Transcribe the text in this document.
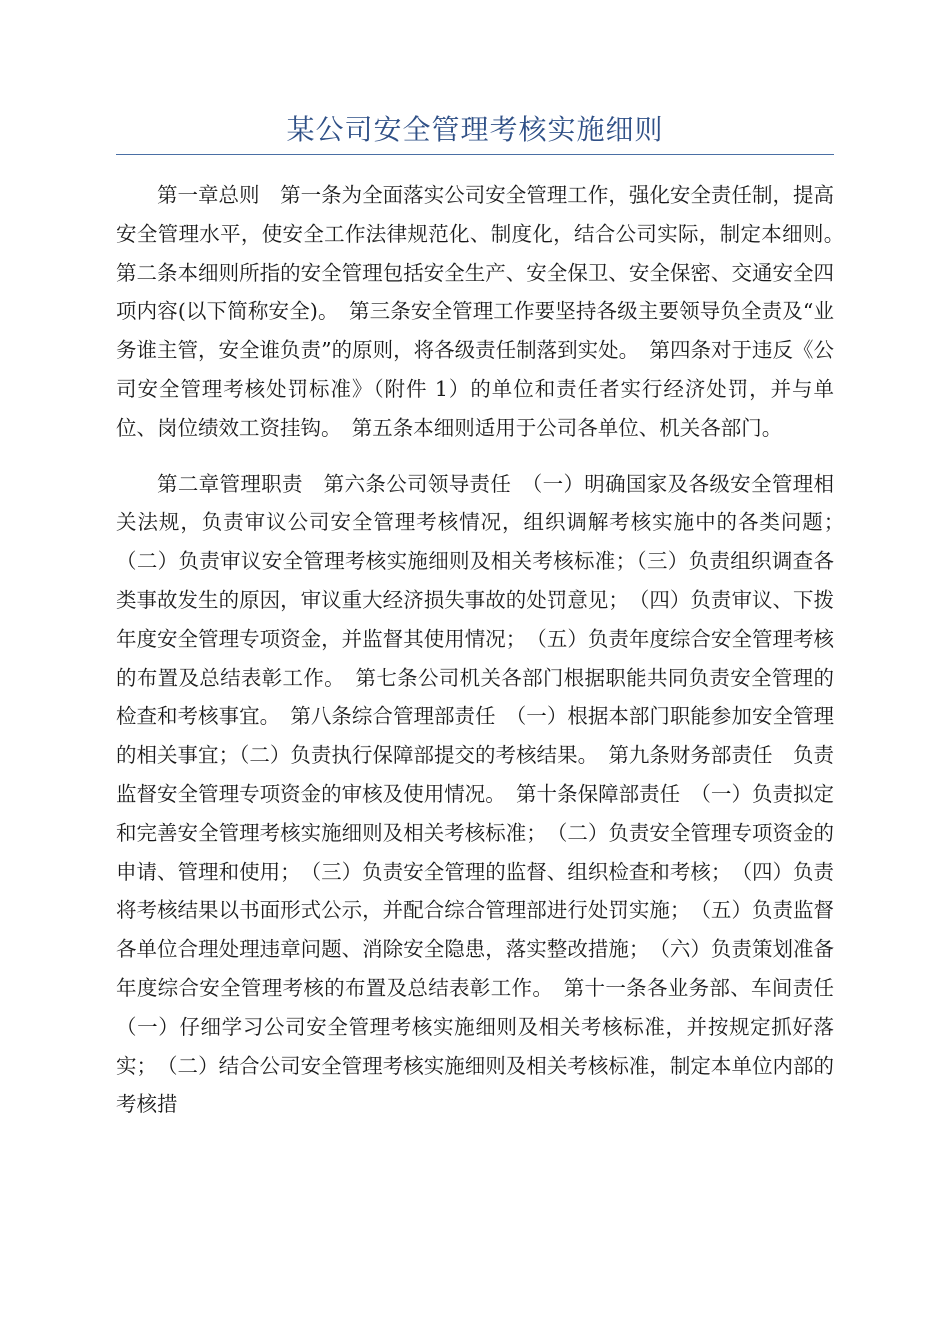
某公司安全管理考核实施细则

第一章总则　第一条为全面落实公司安全管理工作，强化安全责任制，提高安全管理水平，使安全工作法律规范化、制度化，结合公司实际，制定本细则。　第二条本细则所指的安全管理包括安全生产、安全保卫、安全保密、交通安全四项内容(以下简称安全)。　第三条安全管理工作要坚持各级主要领导负全责及“业务谁主管，安全谁负责”的原则，将各级责任制落到实处。　第四条对于违反《公司安全管理考核处罚标准》（附件 1）的单位和责任者实行经济处罚，并与单位、岗位绩效工资挂钩。　第五条本细则适用于公司各单位、机关各部门。

第二章管理职责　第六条公司领导责任　（一）明确国家及各级安全管理相关法规，负责审议公司安全管理考核情况，组织调解考核实施中的各类问题；　（二）负责审议安全管理考核实施细则及相关考核标准；（三）负责组织调查各类事故发生的原因，审议重大经济损失事故的处罚意见；　（四）负责审议、下拨年度安全管理专项资金，并监督其使用情况；　（五）负责年度综合安全管理考核的布置及总结表彰工作。　第七条公司机关各部门根据职能共同负责安全管理的检查和考核事宜。　第八条综合管理部责任　（一）根据本部门职能参加安全管理的相关事宜；（二）负责执行保障部提交的考核结果。　第九条财务部责任　负责监督安全管理专项资金的审核及使用情况。　第十条保障部责任　（一）负责拟定和完善安全管理考核实施细则及相关考核标准；　（二）负责安全管理专项资金的申请、管理和使用；　（三）负责安全管理的监督、组织检查和考核；　（四）负责将考核结果以书面形式公示，并配合综合管理部进行处罚实施；　（五）负责监督各单位合理处理违章问题、消除安全隐患，落实整改措施；　（六）负责策划准备年度综合安全管理考核的布置及总结表彰工作。　第十一条各业务部、车间责任　（一）仔细学习公司安全管理考核实施细则及相关考核标准，并按规定抓好落实；　（二）结合公司安全管理考核实施细则及相关考核标准，制定本单位内部的考核措
